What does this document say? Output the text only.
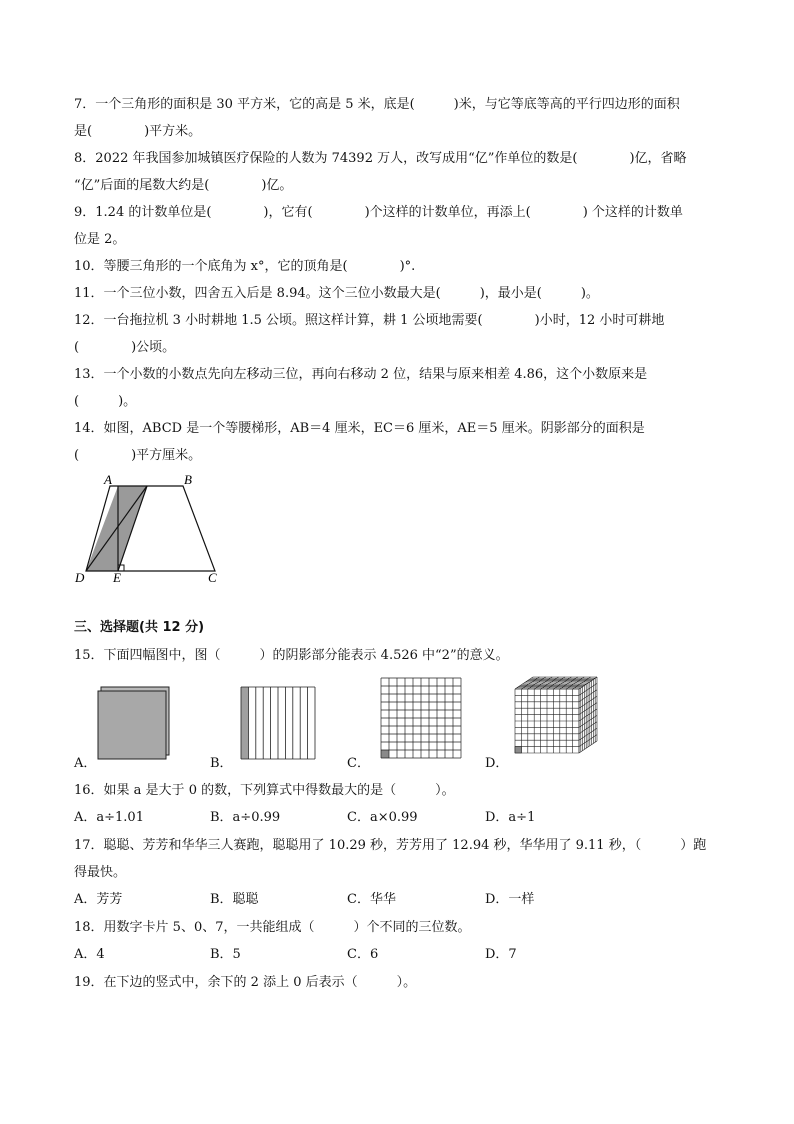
7．一个三角形的面积是 30 平方米，它的高是 5 米，底是(　　　)米，与它等底等高的平行四边形的面积
是(　　　　)平方米。
8．2022 年我国参加城镇医疗保险的人数为 74392 万人，改写成用“亿”作单位的数是(　　　　)亿，省略
“亿”后面的尾数大约是(　　　　)亿。
9．1.24 的计数单位是(　　　　)，它有(　　　　)个这样的计数单位，再添上(　　　　) 个这样的计数单
位是 2。
10．等腰三角形的一个底角为 x°，它的顶角是(　　　　)°.
11．一个三位小数，四舍五入后是 8.94。这个三位小数最大是(　　　)，最小是(　　　)。
12．一台拖拉机 3 小时耕地 1.5 公顷。照这样计算，耕 1 公顷地需要(　　　　)小时，12 小时可耕地
(　　　　)公顷。
13．一个小数的小数点先向左移动三位，再向右移动 2 位，结果与原来相差 4.86，这个小数原来是
(　　　)。
14．如图，ABCD 是一个等腰梯形，AB＝4 厘米，EC＝6 厘米，AE＝5 厘米。阴影部分的面积是
(　　　　)平方厘米。
A	B
C
D E
三、选择题(共 12 分)
15．下面四幅图中，图（　　　）的阴影部分能表示 4.526 中“2”的意义。
A．	B．	C．	D．
16．如果 a 是大于 0 的数，下列算式中得数最大的是（　　　）。
A．a÷1.01	B．a÷0.99	C．a×0.99	D．a÷1
17．聪聪、芳芳和华华三人赛跑，聪聪用了 10.29 秒，芳芳用了 12.94 秒，华华用了 9.11 秒，（　　　）跑
得最快。
A．芳芳	B．聪聪	C．华华	D．一样
18．用数字卡片 5、0、7，一共能组成（　　　）个不同的三位数。
A．4	B．5	C．6	D．7
19．在下边的竖式中，余下的 2 添上 0 后表示（　　　）。
